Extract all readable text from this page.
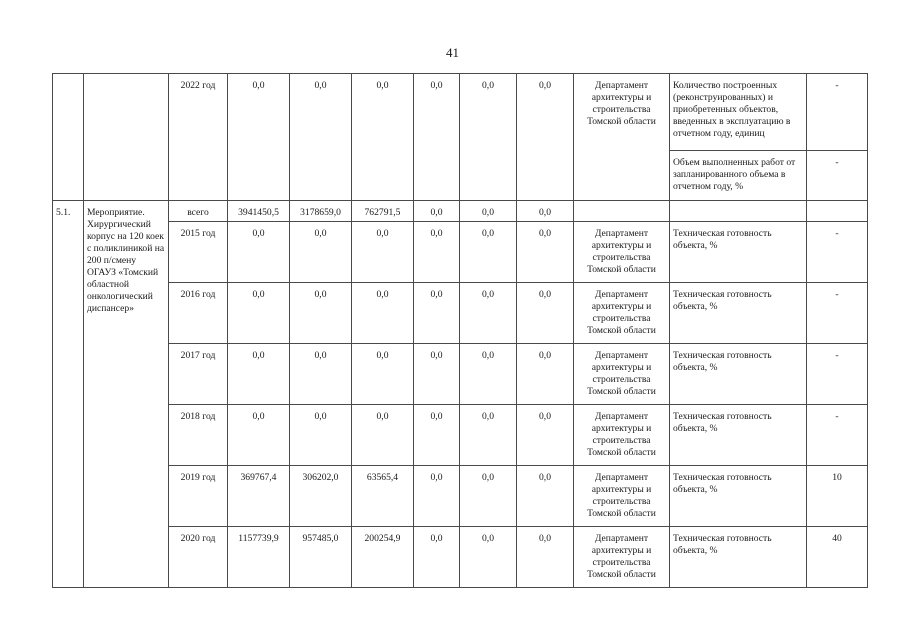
41
		2022 год	0,0	0,0	0,0	0,0	0,0	0,0	Департамент архитектуры и строительства Томской области	Количество построенных (реконструированных) и приобретенных объектов, введенных в эксплуатацию в отчетном году, единиц	-
										Объем выполненных работ от запланированного объема в отчетном году, %	-
5.1.	Мероприятие. Хирургический корпус на 120 коек с поликлиникой на 200 п/смену ОГАУЗ «Томский областной онкологический диспансер»	всего	3941450,5	3178659,0	762791,5	0,0	0,0	0,0			
		2015 год	0,0	0,0	0,0	0,0	0,0	0,0	Департамент архитектуры и строительства Томской области	Техническая готовность объекта, %	-
		2016 год	0,0	0,0	0,0	0,0	0,0	0,0	Департамент архитектуры и строительства Томской области	Техническая готовность объекта, %	-
		2017 год	0,0	0,0	0,0	0,0	0,0	0,0	Департамент архитектуры и строительства Томской области	Техническая готовность объекта, %	-
		2018 год	0,0	0,0	0,0	0,0	0,0	0,0	Департамент архитектуры и строительства Томской области	Техническая готовность объекта, %	-
		2019 год	369767,4	306202,0	63565,4	0,0	0,0	0,0	Департамент архитектуры и строительства Томской области	Техническая готовность объекта, %	10
		2020 год	1157739,9	957485,0	200254,9	0,0	0,0	0,0	Департамент архитектуры и строительства Томской области	Техническая готовность объекта, %	40
